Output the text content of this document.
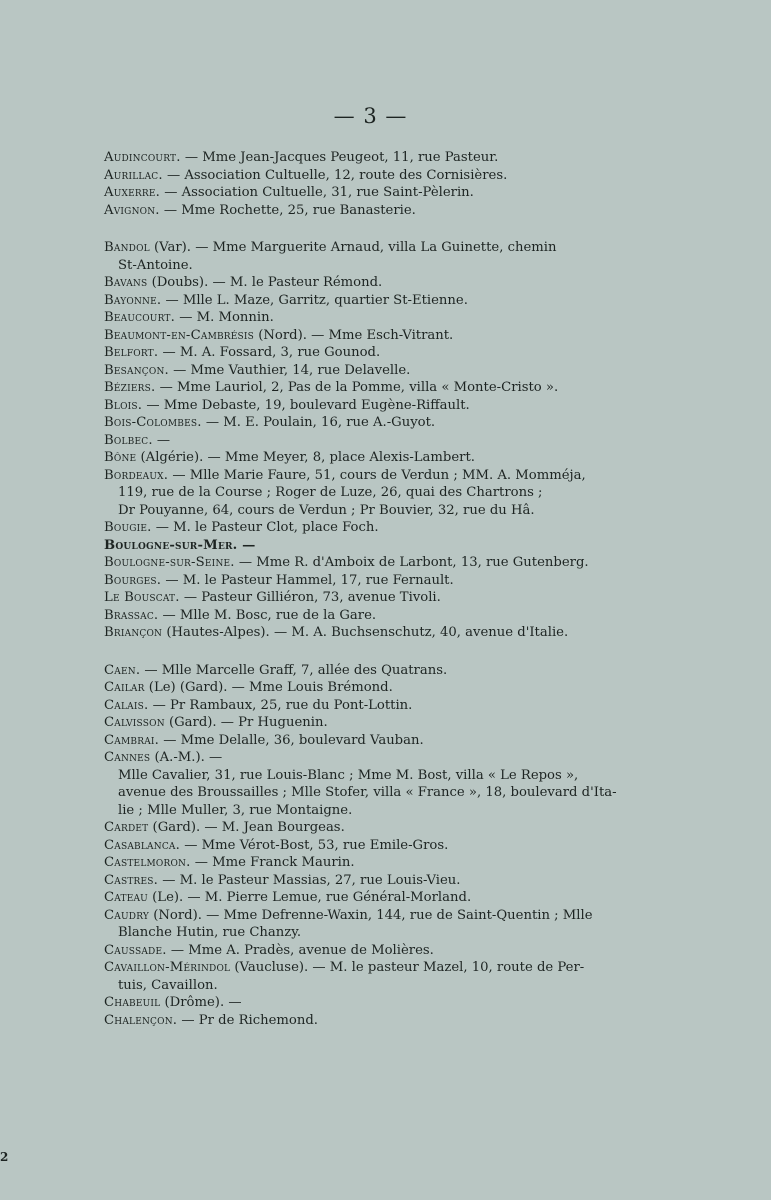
— 3 —
Audincourt. — Mme Jean-Jacques Peugeot, 11, rue Pasteur.
Aurillac. — Association Cultuelle, 12, route des Cornisières.
Auxerre. — Association Cultuelle, 31, rue Saint-Pèlerin.
Avignon. — Mme Rochette, 25, rue Banasterie.
Bandol (Var). — Mme Marguerite Arnaud, villa La Guinette, chemin
St-Antoine.
Bavans (Doubs). — M. le Pasteur Rémond.
Bayonne. — Mlle L. Maze, Garritz, quartier St-Etienne.
Beaucourt. — M. Monnin.
Beaumont-en-Cambrésis (Nord). — Mme Esch-Vitrant.
Belfort. — M. A. Fossard, 3, rue Gounod.
Besançon. — Mme Vauthier, 14, rue Delavelle.
Béziers. — Mme Lauriol, 2, Pas de la Pomme, villa « Monte-Cristo ».
Blois. — Mme Debaste, 19, boulevard Eugène-Riffault.
Bois-Colombes. — M. E. Poulain, 16, rue A.-Guyot.
Bolbec. —
Bône (Algérie). — Mme Meyer, 8, place Alexis-Lambert.
Bordeaux. — Mlle Marie Faure, 51, cours de Verdun ; MM. A. Momméja,
119, rue de la Course ; Roger de Luze, 26, quai des Chartrons ;
Dr Pouyanne, 64, cours de Verdun ; Pr Bouvier, 32, rue du Hâ.
Bougie. — M. le Pasteur Clot, place Foch.
Boulogne-sur-Mer. —
Boulogne-sur-Seine. — Mme R. d'Amboix de Larbont, 13, rue Gutenberg.
Bourges. — M. le Pasteur Hammel, 17, rue Fernault.
Le Bouscat. — Pasteur Gilliéron, 73, avenue Tivoli.
Brassac. — Mlle M. Bosc, rue de la Gare.
Briançon (Hautes-Alpes). — M. A. Buchsenschutz, 40, avenue d'Italie.
Caen. — Mlle Marcelle Graff, 7, allée des Quatrans.
Cailar (Le) (Gard). — Mme Louis Brémond.
Calais. — Pr Rambaux, 25, rue du Pont-Lottin.
Calvisson (Gard). — Pr Huguenin.
Cambrai. — Mme Delalle, 36, boulevard Vauban.
Cannes (A.-M.). —
Mlle Cavalier, 31, rue Louis-Blanc ; Mme M. Bost, villa « Le Repos »,
avenue des Broussailles ; Mlle Stofer, villa « France », 18, boulevard d'Ita-
lie ; Mlle Muller, 3, rue Montaigne.
Cardet (Gard). — M. Jean Bourgeas.
Casablanca. — Mme Vérot-Bost, 53, rue Emile-Gros.
Castelmoron. — Mme Franck Maurin.
Castres. — M. le Pasteur Massias, 27, rue Louis-Vieu.
Cateau (Le). — M. Pierre Lemue, rue Général-Morland.
Caudry (Nord). — Mme Defrenne-Waxin, 144, rue de Saint-Quentin ; Mlle
Blanche Hutin, rue Chanzy.
Caussade. — Mme A. Pradès, avenue de Molières.
Cavaillon-Mérindol (Vaucluse). — M. le pasteur Mazel, 10, route de Per-
tuis, Cavaillon.
Chabeuil (Drôme). —
Chalençon. — Pr de Richemond.
2
